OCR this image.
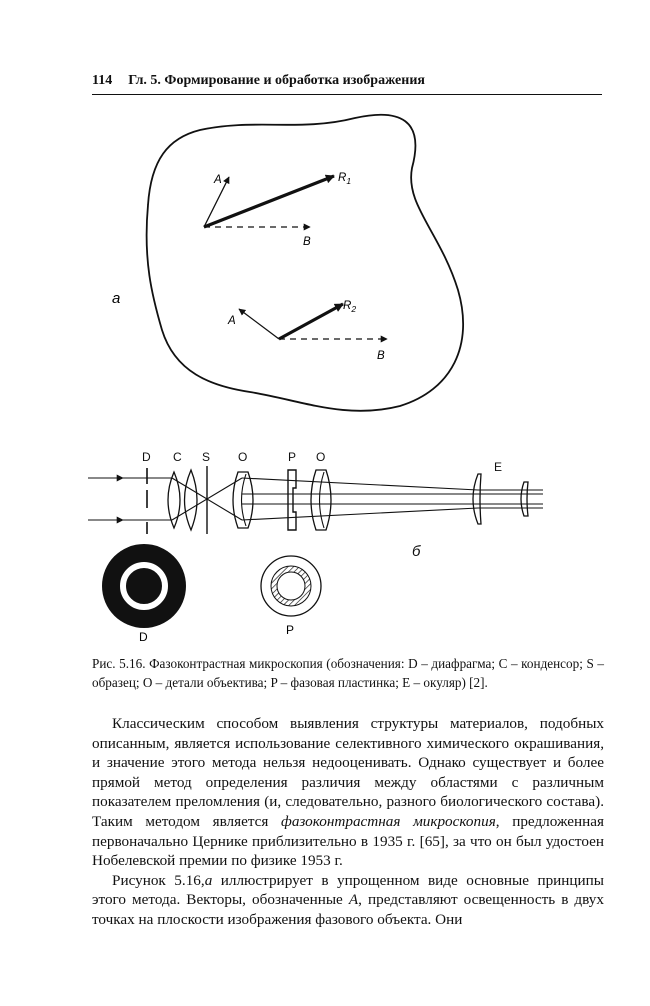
114 Гл. 5. Формирование и обработка изображения
a
A	$R_1$
B
A
$R_2$
B
D C S O	P O
E
б
D	P
Рис. 5.16. Фазоконтрастная микроскопия (обозначения: D – диафрагма; C – конденсор; S – образец; O – детали объектива; P – фазовая пластинка; E – окуляр) [2].

Классическим способом выявления структуры материалов, подобных описанным, является использование селективного химического окрашивания, и значение этого метода нельзя недооценивать. Однако существует и более прямой метод определения различия между областями с различным показателем преломления (и, следовательно, разного биологического состава). Таким методом является фазоконтрастная микроскопия, предложенная первоначально Цернике приблизительно в 1935 г. [65], за что он был удостоен Нобелевской премии по физике 1953 г.

Рисунок 5.16,а иллюстрирует в упрощенном виде основные принципы этого метода. Векторы, обозначенные А, представляют освещенность в двух точках на плоскости изображения фазового объекта. Они
